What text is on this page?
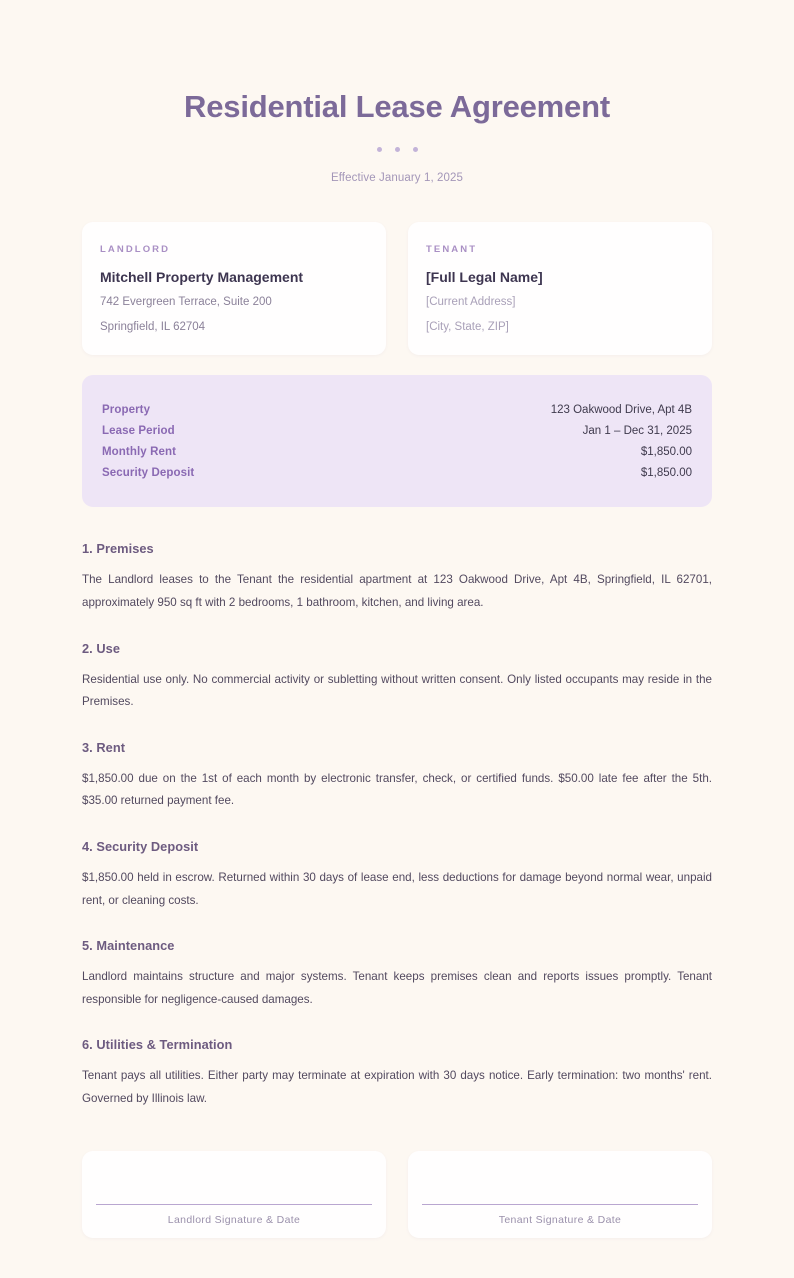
Residential Lease Agreement
Effective January 1, 2025
LANDLORD
Mitchell Property Management
742 Evergreen Terrace, Suite 200
Springfield, IL 62704
TENANT
[Full Legal Name]
[Current Address]
[City, State, ZIP]
Property	123 Oakwood Drive, Apt 4B
Lease Period	Jan 1 – Dec 31, 2025
Monthly Rent	$1,850.00
Security Deposit	$1,850.00
1. Premises

The Landlord leases to the Tenant the residential apartment at 123 Oakwood Drive, Apt 4B, Springfield, IL 62701, approximately 950 sq ft with 2 bedrooms, 1 bathroom, kitchen, and living area.

2. Use

Residential use only. No commercial activity or subletting without written consent. Only listed occupants may reside in the Premises.

3. Rent

$1,850.00 due on the 1st of each month by electronic transfer, check, or certified funds. $50.00 late fee after the 5th. $35.00 returned payment fee.

4. Security Deposit

$1,850.00 held in escrow. Returned within 30 days of lease end, less deductions for damage beyond normal wear, unpaid rent, or cleaning costs.

5. Maintenance

Landlord maintains structure and major systems. Tenant keeps premises clean and reports issues promptly. Tenant responsible for negligence-caused damages.

6. Utilities & Termination

Tenant pays all utilities. Either party may terminate at expiration with 30 days notice. Early termination: two months' rent. Governed by Illinois law.

Landlord Signature & Date	Tenant Signature & Date
